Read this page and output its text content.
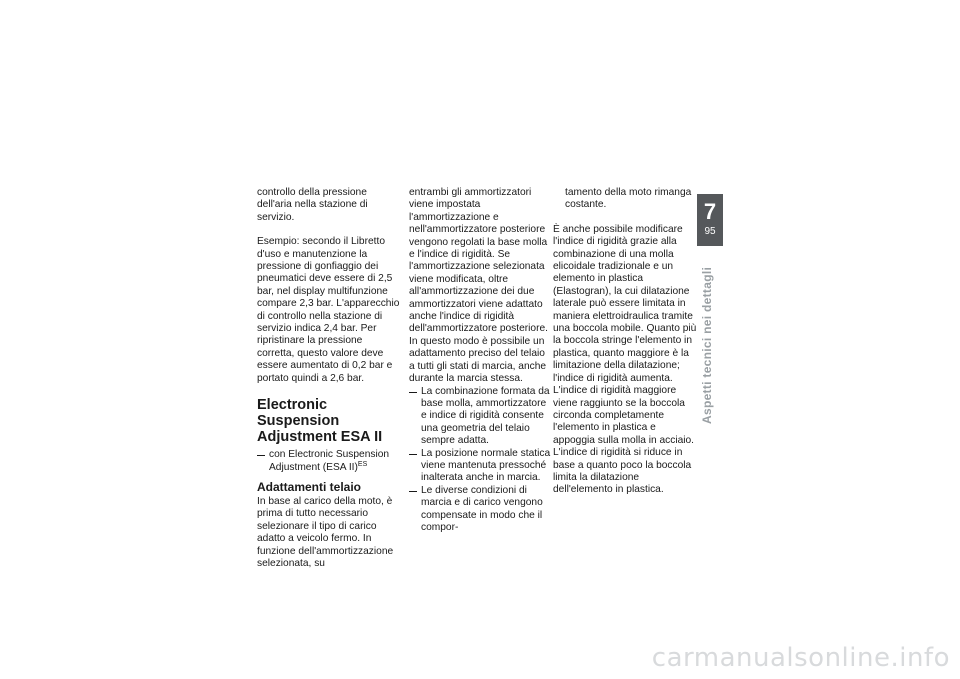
controllo della pressione dell'aria nella stazione di servizio.

Esempio: secondo il Libretto d'uso e manutenzione la pressione di gonfiaggio dei pneumatici deve essere di 2,5 bar, nel display multifunzione compare 2,3 bar. L'apparecchio di controllo nella stazione di servizio indica 2,4 bar. Per ripristinare la pressione corretta, questo valore deve essere aumentato di 0,2 bar e portato quindi a 2,6 bar.

Electronic Suspension Adjustment ESA II
con Electronic Suspension Adjustment (ESA II)$^{ES}$
Adattamenti telaio

In base al carico della moto, è prima di tutto necessario selezionare il tipo di carico adatto a veicolo fermo. In funzione dell'ammortizzazione selezionata, su

entrambi gli ammortizzatori viene impostata l'ammortizzazione e nell'ammortizzatore posteriore vengono regolati la base molla e l'indice di rigidità. Se l'ammortizzazione selezionata viene modificata, oltre all'ammortizzazione dei due ammortizzatori viene adattato anche l'indice di rigidità dell'ammortizzatore posteriore. In questo modo è possibile un adattamento preciso del telaio a tutti gli stati di marcia, anche durante la marcia stessa.

La combinazione formata da base molla, ammortizzatore e indice di rigidità consente una geometria del telaio sempre adatta.
La posizione normale statica viene mantenuta pressoché inalterata anche in marcia.
Le diverse condizioni di marcia e di carico vengono compensate in modo che il compor-

tamento della moto rimanga costante.

È anche possibile modificare l'indice di rigidità grazie alla combinazione di una molla elicoidale tradizionale e un elemento in plastica (Elastogran), la cui dilatazione laterale può essere limitata in maniera elettroidraulica tramite una boccola mobile. Quanto più la boccola stringe l'elemento in plastica, quanto maggiore è la limitazione della dilatazione; l'indice di rigidità aumenta. L'indice di rigidità maggiore viene raggiunto se la boccola circonda completamente l'elemento in plastica e appoggia sulla molla in acciaio. L'indice di rigidità si riduce in base a quanto poco la boccola limita la dilatazione dell'elemento in plastica.

7
95
Aspetti tecnici nei dettagli
carmanualsonline.info
